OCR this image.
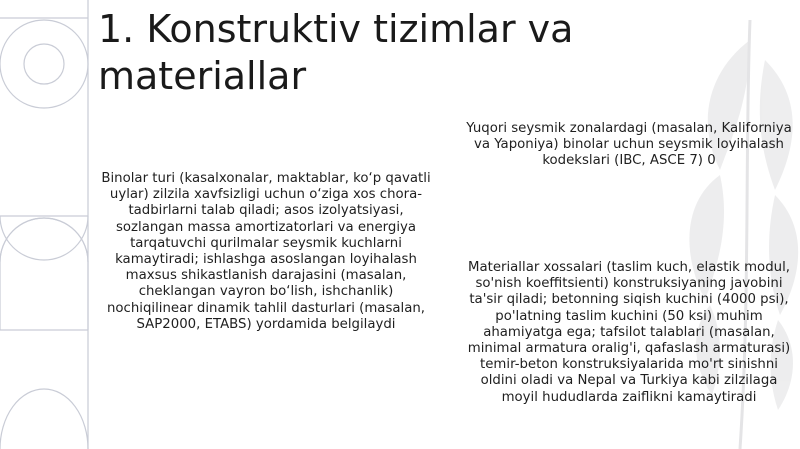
1. Konstruktiv tizimlar va materiallar

Yuqori seysmik zonalardagi (masalan, Kaliforniya va Yaponiya) binolar uchun seysmik loyihalash kodekslari (IBC, ASCE 7) 0

Binolar turi (kasalxonalar, maktablar, ko‘p qavatli uylar) zilzila xavfsizligi uchun o‘ziga xos chora-tadbirlarni talab qiladi; asos izolyatsiyasi, sozlangan massa amortizatorlari va energiya tarqatuvchi qurilmalar seysmik kuchlarni kamaytiradi; ishlashga asoslangan loyihalash maxsus shikastlanish darajasini (masalan, cheklangan vayron bo‘lish, ishchanlik) nochiqilinear dinamik tahlil dasturlari (masalan, SAP2000, ETABS) yordamida belgilaydi

Materiallar xossalari (taslim kuch, elastik modul, so'nish koeffitsienti) konstruksiyaning javobini ta'sir qiladi; betonning siqish kuchini (4000 psi), po'latning taslim kuchini (50 ksi) muhim ahamiyatga ega; tafsilot talablari (masalan, minimal armatura oralig'i, qafaslash armaturasi) temir-beton konstruksiyalarida mo'rt sinishni oldini oladi va Nepal va Turkiya kabi zilzilaga moyil hududlarda zaiflikni kamaytiradi
